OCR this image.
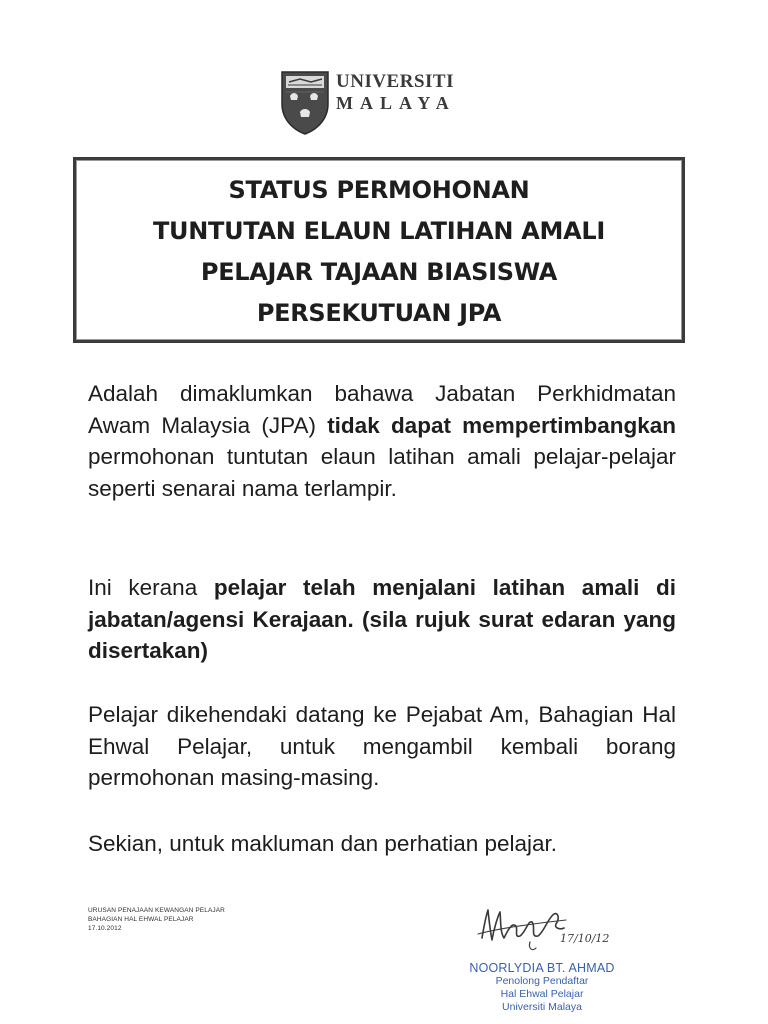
UNIVERSITI
MALAYA
STATUS PERMOHONAN
TUNTUTAN ELAUN LATIHAN AMALI
PELAJAR TAJAAN BIASISWA
PERSEKUTUAN JPA
Adalah dimaklumkan bahawa Jabatan Perkhidmatan Awam Malaysia (JPA) tidak dapat mempertimbangkan permohonan tuntutan elaun latihan amali pelajar-pelajar seperti senarai nama terlampir.
Ini kerana pelajar telah menjalani latihan amali di jabatan/agensi Kerajaan. (sila rujuk surat edaran yang disertakan)
Pelajar dikehendaki datang ke Pejabat Am, Bahagian Hal Ehwal Pelajar, untuk mengambil kembali borang permohonan masing-masing.
Sekian, untuk makluman dan perhatian pelajar.
URUSAN PENAJAAN KEWANGAN PELAJAR
BAHAGIAN HAL EHWAL PELAJAR
17.10.2012
17/10/12
NOORLYDIA BT. AHMAD
Penolong Pendaftar
Hal Ehwal Pelajar
Universiti Malaya
